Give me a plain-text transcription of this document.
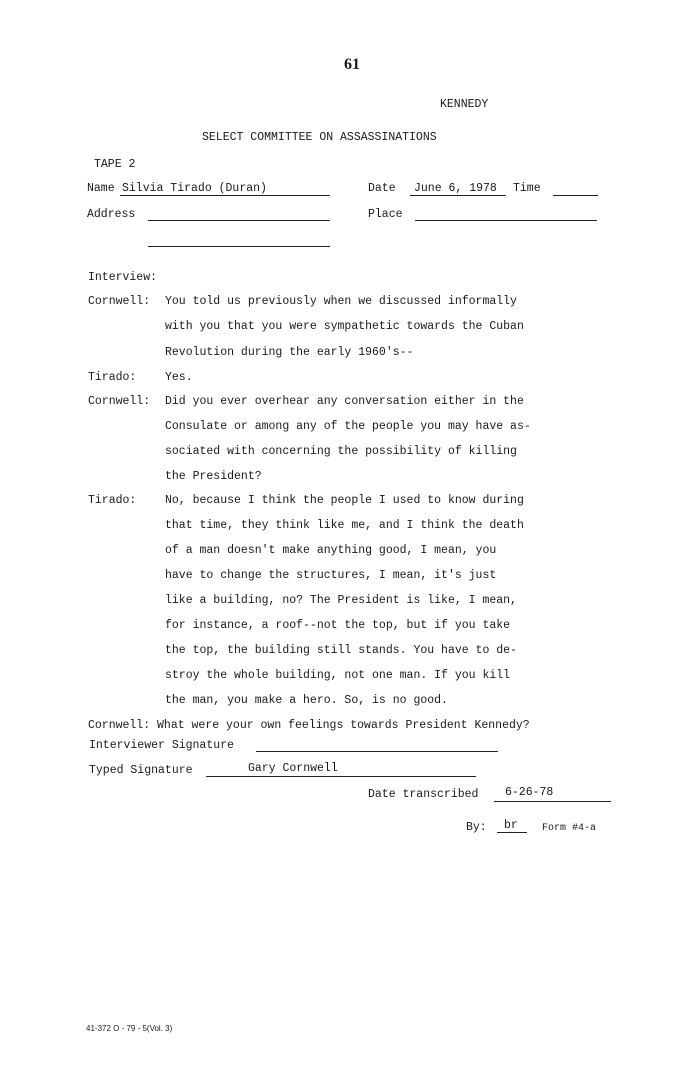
61
KENNEDY
SELECT COMMITTEE ON ASSASSINATIONS
TAPE 2
Name Silvia Tirado (Duran)	Date June 6, 1978 Time
Address	Place
Interview:
Cornwell: You told us previously when we discussed informally
with you that you were sympathetic towards the Cuban
Revolution during the early 1960's--
Tirado: Yes.
Cornwell: Did you ever overhear any conversation either in the
Consulate or among any of the people you may have as-
sociated with concerning the possibility of killing
the President?
Tirado: No, because I think the people I used to know during
that time, they think like me, and I think the death
of a man doesn't make anything good, I mean, you
have to change the structures, I mean, it's just
like a building, no? The President is like, I mean,
for instance, a roof--not the top, but if you take
the top, the building still stands. You have to de-
stroy the whole building, not one man. If you kill
the man, you make a hero. So, is no good.
Cornwell: What were your own feelings towards President Kennedy?
Interviewer Signature
Typed Signature	Gary Cornwell
Date transcribed 6-26-78
By: br Form #4-a
41-372 O - 79 - 5(Vol. 3)
